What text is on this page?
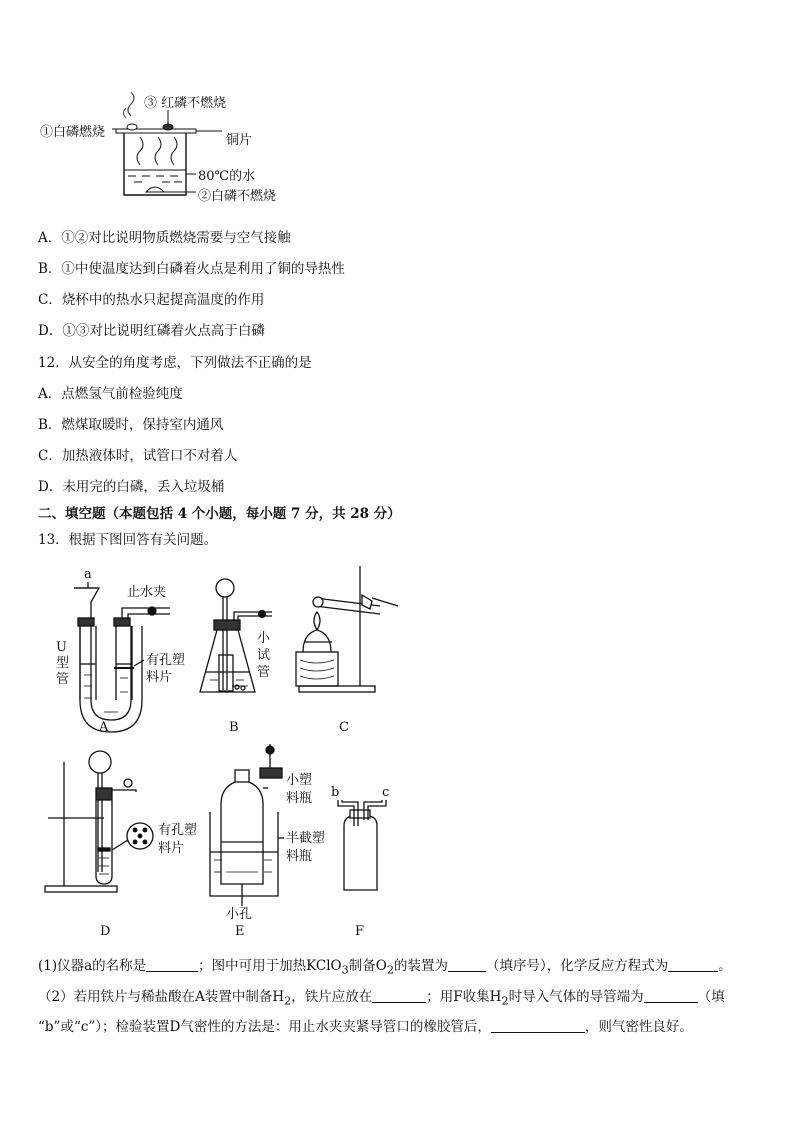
③ 红磷不燃烧
①白磷燃烧
铜片
80℃的水
②白磷不燃烧
A．①②对比说明物质燃烧需要与空气接触
B．①中使温度达到白磷着火点是利用了铜的导热性
C．烧杯中的热水只起提高温度的作用
D．①③对比说明红磷着火点高于白磷
12．从安全的角度考虑，下列做法不正确的是
A．点燃氢气前检验纯度
B．燃煤取暖时，保持室内通风
C．加热液体时，试管口不对着人
D．未用完的白磷，丢入垃圾桶
二、填空题（本题包括 4 个小题，每小题 7 分，共 28 分）
13．根据下图回答有关问题。
a
止水夹
U型管
有孔塑料片
小试管
有孔塑料片
小塑料瓶
半截塑料瓶
小孔
b	c
A	B	C
D	E	F
(1)仪器a的名称是	；图中可用于加热KClO$_3$制备$O_2$的装置为	（填序号），化学反应方程式为	。
（2）若用铁片与稀盐酸在A装置中制备$H_2$，铁片应放在	；用F收集$H_2$时导入气体的导管端为	（填
“b”或“c”）；检验装置D气密性的方法是：用止水夹夹紧导管口的橡胶管后，	，则气密性良好。
